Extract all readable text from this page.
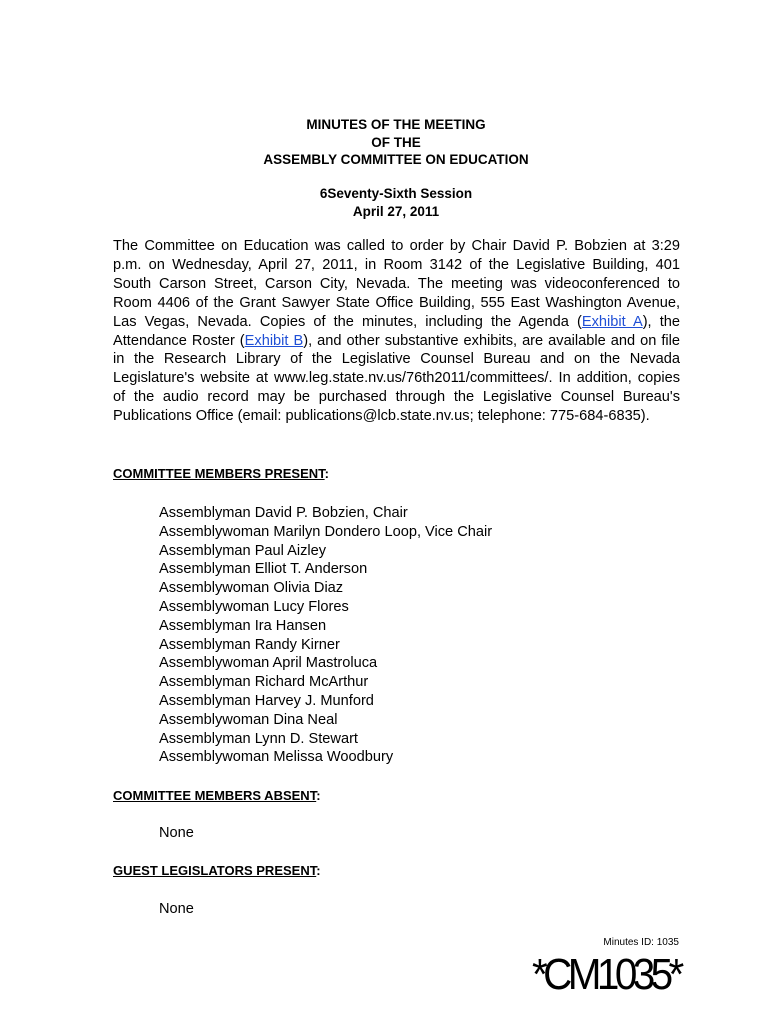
MINUTES OF THE MEETING
OF THE
ASSEMBLY COMMITTEE ON EDUCATION
6Seventy-Sixth Session
April 27, 2011
The Committee on Education was called to order by Chair David P. Bobzien at 3:29 p.m. on Wednesday, April 27, 2011, in Room 3142 of the Legislative Building, 401 South Carson Street, Carson City, Nevada. The meeting was videoconferenced to Room 4406 of the Grant Sawyer State Office Building, 555 East Washington Avenue, Las Vegas, Nevada. Copies of the minutes, including the Agenda (Exhibit A), the Attendance Roster (Exhibit B), and other substantive exhibits, are available and on file in the Research Library of the Legislative Counsel Bureau and on the Nevada Legislature's website at www.leg.state.nv.us/76th2011/committees/. In addition, copies of the audio record may be purchased through the Legislative Counsel Bureau's Publications Office (email: publications@lcb.state.nv.us; telephone: 775-684-6835).
COMMITTEE MEMBERS PRESENT:
Assemblyman David P. Bobzien, Chair
Assemblywoman Marilyn Dondero Loop, Vice Chair
Assemblyman Paul Aizley
Assemblyman Elliot T. Anderson
Assemblywoman Olivia Diaz
Assemblywoman Lucy Flores
Assemblyman Ira Hansen
Assemblyman Randy Kirner
Assemblywoman April Mastroluca
Assemblyman Richard McArthur
Assemblyman Harvey J. Munford
Assemblywoman Dina Neal
Assemblyman Lynn D. Stewart
Assemblywoman Melissa Woodbury
COMMITTEE MEMBERS ABSENT:
None
GUEST LEGISLATORS PRESENT:
None
Minutes ID: 1035
*CM1035*
